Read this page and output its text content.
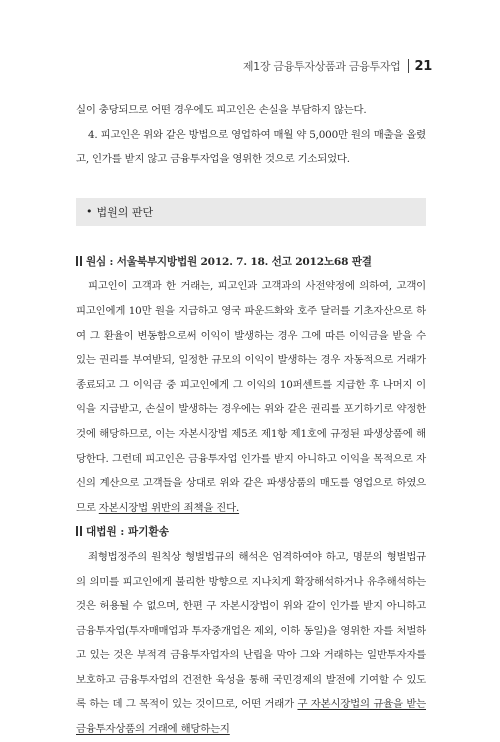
제1장 금융투자상품과 금융투자업 21

실이 충당되므로 어떤 경우에도 피고인은 손실을 부담하지 않는다.

4. 피고인은 위와 같은 방법으로 영업하여 매월 약 5,000만 원의 매출을 올렸고, 인가를 받지 않고 금융투자업을 영위한 것으로 기소되었다.

• 법원의 판단

원심 : 서울북부지방법원 2012. 7. 18. 선고 2012노68 판결

피고인이 고객과 한 거래는, 피고인과 고객과의 사전약정에 의하여, 고객이 피고인에게 10만 원을 지급하고 영국 파운드화와 호주 달러를 기초자산으로 하여 그 환율이 변동함으로써 이익이 발생하는 경우 그에 따른 이익금을 받을 수 있는 권리를 부여받되, 일정한 규모의 이익이 발생하는 경우 자동적으로 거래가 종료되고 그 이익금 중 피고인에게 그 이익의 10퍼센트를 지급한 후 나머지 이익을 지급받고, 손실이 발생하는 경우에는 위와 같은 권리를 포기하기로 약정한 것에 해당하므로, 이는 자본시장법 제5조 제1항 제1호에 규정된 파생상품에 해당한다. 그런데 피고인은 금융투자업 인가를 받지 아니하고 이익을 목적으로 자신의 계산으로 고객들을 상대로 위와 같은 파생상품의 매도를 영업으로 하였으므로 자본시장법 위반의 죄책을 진다.

대법원 : 파기환송

죄형법정주의 원칙상 형벌법규의 해석은 엄격하여야 하고, 명문의 형벌법규의 의미를 피고인에게 불리한 방향으로 지나치게 확장해석하거나 유추해석하는 것은 허용될 수 없으며, 한편 구 자본시장법이 위와 같이 인가를 받지 아니하고 금융투자업(투자매매업과 투자중개업은 제외, 이하 동일)을 영위한 자를 처벌하고 있는 것은 부적격 금융투자업자의 난립을 막아 그와 거래하는 일반투자자를 보호하고 금융투자업의 건전한 육성을 통해 국민경제의 발전에 기여할 수 있도록 하는 데 그 목적이 있는 것이므로, 어떤 거래가 구 자본시장법의 규율을 받는 금융투자상품의 거래에 해당하는지
